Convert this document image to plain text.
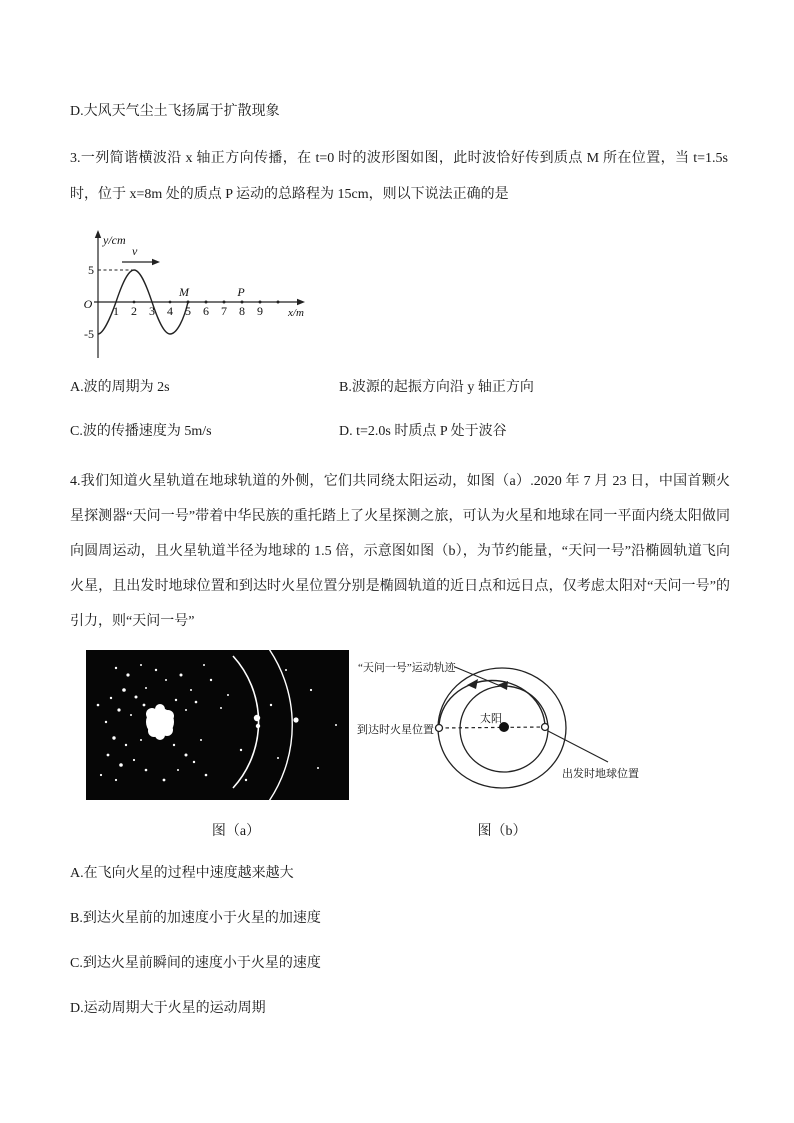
D.大风天气尘土飞扬属于扩散现象
3.一列简谐横波沿 x 轴正方向传播，在 t=0 时的波形图如图，此时波恰好传到质点 M 所在位置，当 t=1.5s 时，位于 x=8m 处的质点 P 运动的总路程为 15cm，则以下说法正确的是
y/cm
x/m
5
O
-5
v
1 2 3 4 5 6 7 8 9
M	P
A.波的周期为 2s	B.波源的起振方向沿 y 轴正方向
C.波的传播速度为 5m/s	D. t=2.0s 时质点 P 处于波谷
4.我们知道火星轨道在地球轨道的外侧，它们共同绕太阳运动，如图（a）.2020 年 7 月 23 日，中国首颗火星探测器“天问一号”带着中华民族的重托踏上了火星探测之旅，可认为火星和地球在同一平面内绕太阳做同向圆周运动，且火星轨道半径为地球的 1.5 倍，示意图如图（b），为节约能量，“天问一号”沿椭圆轨道飞向火星，且出发时地球位置和到达时火星位置分别是椭圆轨道的近日点和远日点，仅考虑太阳对“天问一号”的引力，则“天问一号”
太阳
到达时火星位置
出发时地球位置
“天问一号”运动轨迹
图（a）	图（b）
A.在飞向火星的过程中速度越来越大
B.到达火星前的加速度小于火星的加速度
C.到达火星前瞬间的速度小于火星的速度
D.运动周期大于火星的运动周期
